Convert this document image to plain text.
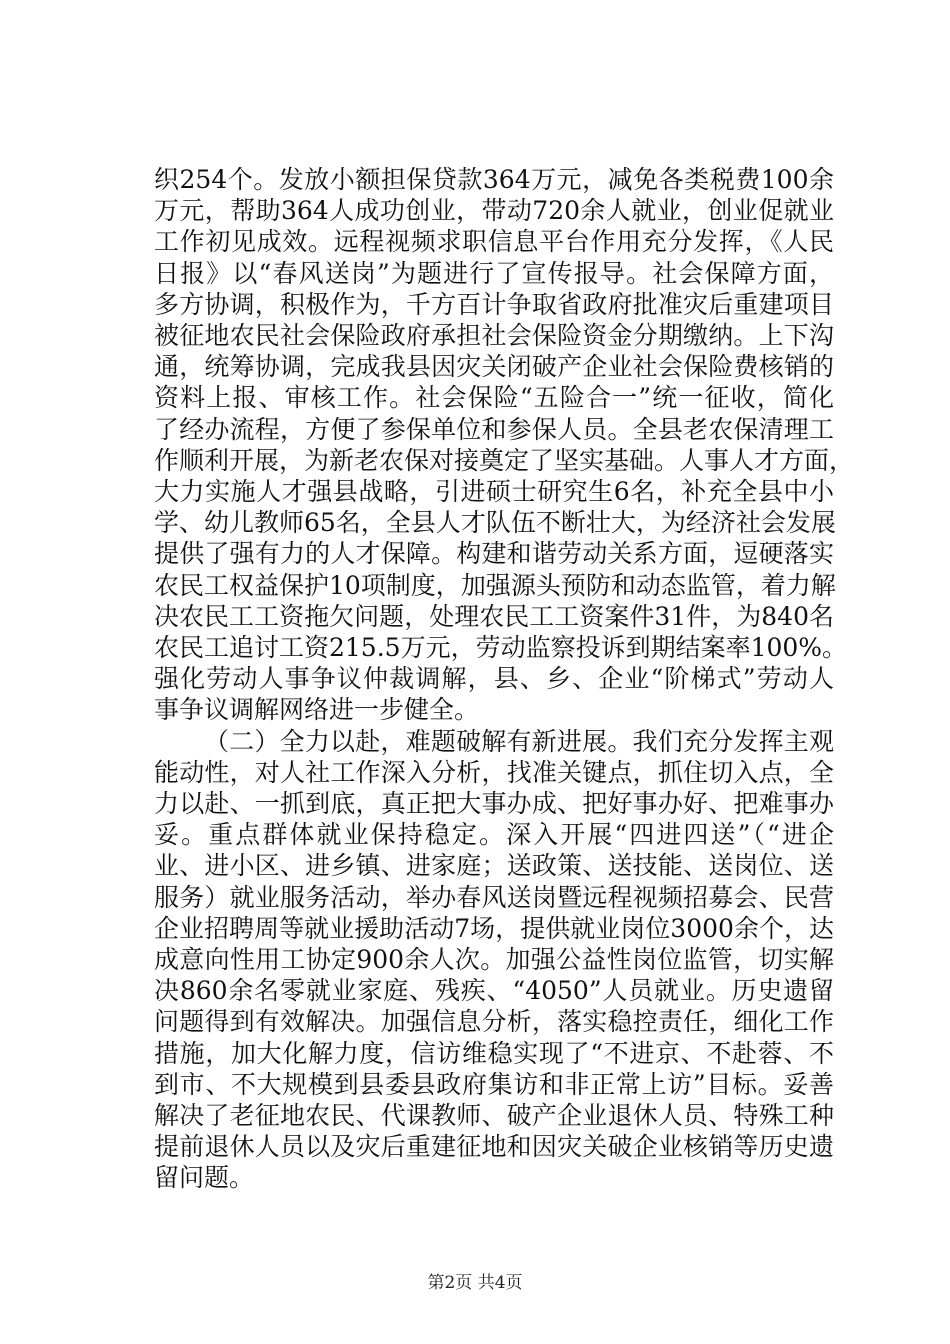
织254个。发放小额担保贷款364万元，减免各类税费100余
万元，帮助364人成功创业，带动720余人就业，创业促就业
工作初见成效。远程视频求职信息平台作用充分发挥，《人民
日报》以“春风送岗”为题进行了宣传报导。社会保障方面，
多方协调，积极作为，千方百计争取省政府批准灾后重建项目
被征地农民社会保险政府承担社会保险资金分期缴纳。上下沟
通，统筹协调，完成我县因灾关闭破产企业社会保险费核销的
资料上报、审核工作。社会保险“五险合一”统一征收，简化
了经办流程，方便了参保单位和参保人员。全县老农保清理工
作顺利开展，为新老农保对接奠定了坚实基础。人事人才方面，
大力实施人才强县战略，引进硕士研究生6名，补充全县中小
学、幼儿教师65名，全县人才队伍不断壮大，为经济社会发展
提供了强有力的人才保障。构建和谐劳动关系方面，逗硬落实
农民工权益保护10项制度，加强源头预防和动态监管，着力解
决农民工工资拖欠问题，处理农民工工资案件31件，为840名
农民工追讨工资215.5万元，劳动监察投诉到期结案率100%。
强化劳动人事争议仲裁调解，县、乡、企业“阶梯式”劳动人
事争议调解网络进一步健全。
（二）全力以赴，难题破解有新进展。我们充分发挥主观
能动性，对人社工作深入分析，找准关键点，抓住切入点，全
力以赴、一抓到底，真正把大事办成、把好事办好、把难事办
妥。重点群体就业保持稳定。深入开展“四进四送”（“进企
业、进小区、进乡镇、进家庭；送政策、送技能、送岗位、送
服务）就业服务活动，举办春风送岗暨远程视频招募会、民营
企业招聘周等就业援助活动7场，提供就业岗位3000余个，达
成意向性用工协定900余人次。加强公益性岗位监管，切实解
决860余名零就业家庭、残疾、“4050”人员就业。历史遗留
问题得到有效解决。加强信息分析，落实稳控责任，细化工作
措施，加大化解力度，信访维稳实现了“不进京、不赴蓉、不
到市、不大规模到县委县政府集访和非正常上访”目标。妥善
解决了老征地农民、代课教师、破产企业退休人员、特殊工种
提前退休人员以及灾后重建征地和因灾关破企业核销等历史遗
留问题。
第2页 共4页
